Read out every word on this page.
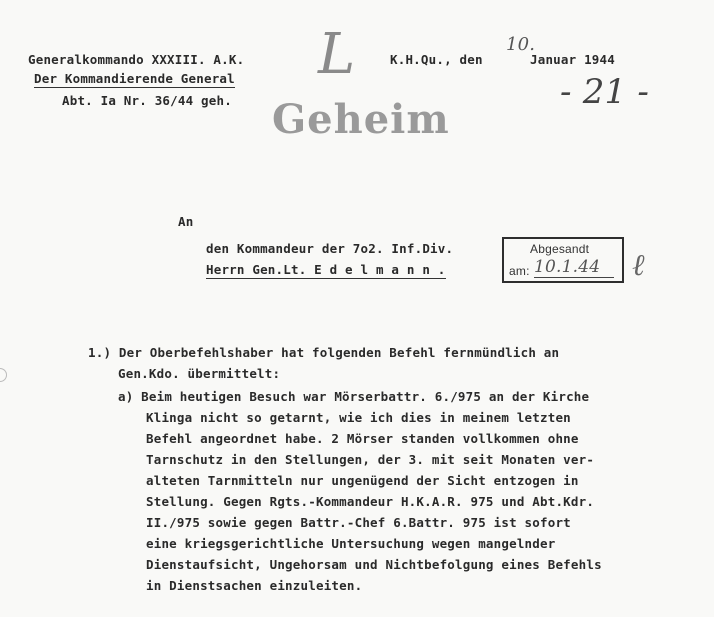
Generalkommando XXXIII. A.K.
Der Kommandierende General
Abt. Ia Nr. 36/44 geh.
K.H.Qu., den
10.
Januar 1944
- 21 -
L
Geheim
An
den Kommandeur der 7o2. Inf.Div.
Herrn Gen.Lt. E d e l m a n n .
Abgesandt
am: 10.1.44	ℓ
1.) Der Oberbefehlshaber hat folgenden Befehl fernmündlich an
Gen.Kdo. übermittelt:
a) Beim heutigen Besuch war Mörserbattr. 6./975 an der Kirche
Klinga nicht so getarnt, wie ich dies in meinem letzten
Befehl angeordnet habe. 2 Mörser standen vollkommen ohne
Tarnschutz in den Stellungen, der 3. mit seit Monaten ver-
alteten Tarnmitteln nur ungenügend der Sicht entzogen in
Stellung. Gegen Rgts.-Kommandeur H.K.A.R. 975 und Abt.Kdr.
II./975 sowie gegen Battr.-Chef 6.Battr. 975 ist sofort
eine kriegsgerichtliche Untersuchung wegen mangelnder
Dienstaufsicht, Ungehorsam und Nichtbefolgung eines Befehls
in Dienstsachen einzuleiten.
